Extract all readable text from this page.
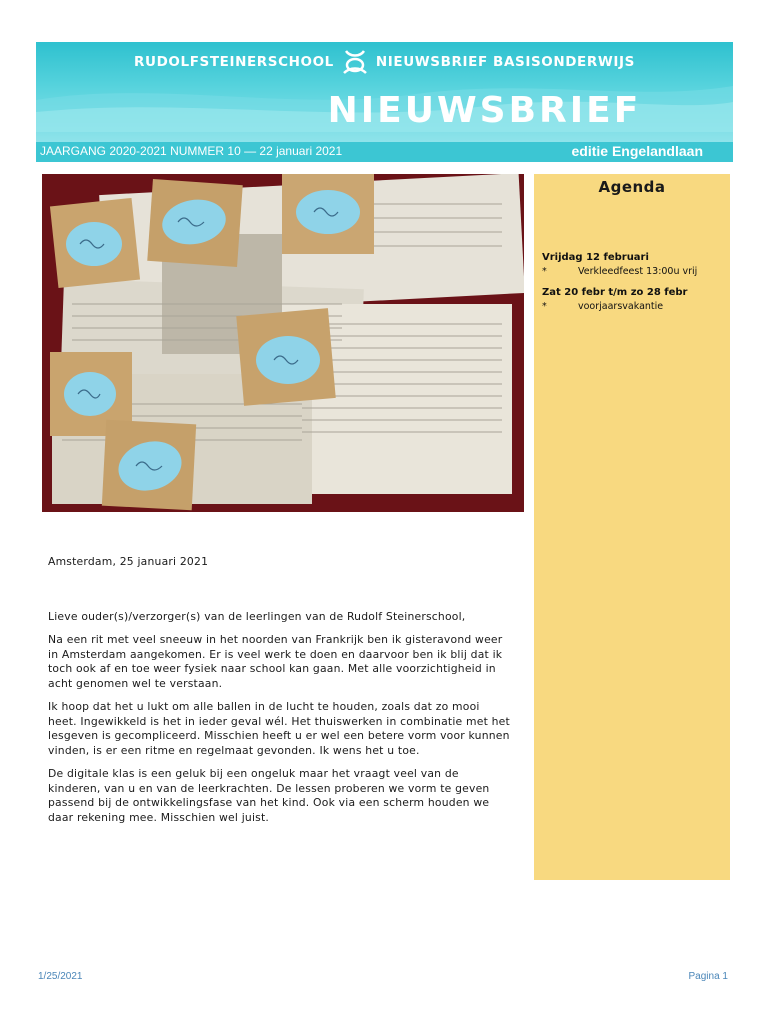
RUDOLFSTEINERSCHOOL	NIEUWSBRIEF BASISONDERWIJS
NIEUWSBRIEF
JAARGANG 2020-2021 NUMMER 10 — 22 januari 2021	editie Engelandlaan
Agenda
Vrijdag 12 februari
*	Verkleedfeest 13:00u vrij
Zat 20 febr t/m zo 28 febr
*	voorjaarsvakantie

Amsterdam, 25 januari 2021

Lieve ouder(s)/verzorger(s) van de leerlingen van de Rudolf Steinerschool,

Na een rit met veel sneeuw in het noorden van Frankrijk ben ik gisteravond weer in Amsterdam aangekomen. Er is veel werk te doen en daarvoor ben ik blij dat ik toch ook af en toe weer fysiek naar school kan gaan. Met alle voorzichtigheid in acht genomen wel te verstaan.

Ik hoop dat het u lukt om alle ballen in de lucht te houden, zoals dat zo mooi heet. Ingewikkeld is het in ieder geval wél. Het thuiswerken in combinatie met het lesgeven is gecompliceerd. Misschien heeft u er wel een betere vorm voor kunnen vinden, is er een ritme en regelmaat gevonden. Ik wens het u toe.

De digitale klas is een geluk bij een ongeluk maar het vraagt veel van de kinderen, van u en van de leerkrachten. De lessen proberen we vorm te geven passend bij de ontwikkelingsfase van het kind. Ook via een scherm houden we daar rekening mee. Misschien wel juist.

1/25/2021	Pagina 1
